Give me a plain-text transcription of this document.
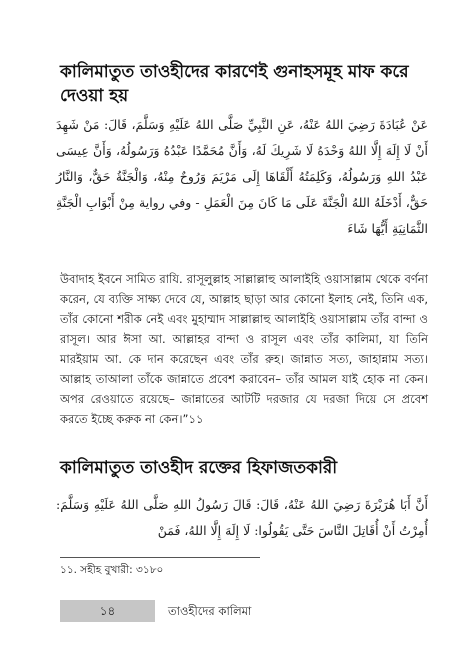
কালিমাতুত তাওহীদের কারণেই গুনাহসমূহ মাফ করে দেওয়া হয়
عَنْ عُبَادَةَ رَضِيَ اللهُ عَنْهُ، عَنِ النَّبِيِّ صَلَّى اللهُ عَلَيْهِ وَسَلَّمَ، قَالَ: مَنْ شَهِدَ أَنْ لَا إِلَهَ إِلَّا اللهُ وَحْدَهُ لَا شَرِيكَ لَهُ، وَأَنَّ مُحَمَّدًا عَبْدُهُ وَرَسُولُهُ، وَأَنَّ عِيسَى عَبْدُ اللهِ وَرَسُولُهُ، وَكَلِمَتُهُ أَلْقَاهَا إِلَى مَرْيَمَ وَرُوحٌ مِنْهُ، وَالْجَنَّةُ حَقٌّ، وَالنَّارُ حَقٌّ، أَدْخَلَهُ اللهُ الْجَنَّةَ عَلَى مَا كَانَ مِنَ الْعَمَلِ - وفي رواية مِنْ أَبْوَابِ الْجَنَّةِ الثَّمَانِيَةِ أَيُّهَا شَاءَ
উবাদাহ ইবনে সামিত রাযি. রাসূলুল্লাহ সাল্লাল্লাহু আলাইহি ওয়াসাল্লাম থেকে বর্ণনা করেন, যে ব্যক্তি সাক্ষ্য দেবে যে, আল্লাহ ছাড়া আর কোনো ইলাহ নেই, তিনি এক, তাঁর কোনো শরীক নেই এবং মুহাম্মাদ সাল্লাল্লাহু আলাইহি ওয়াসাল্লাম তাঁর বান্দা ও রাসূল। আর ঈসা আ. আল্লাহর বান্দা ও রাসূল এবং তাঁর কালিমা, যা তিনি মারইয়াম আ. কে দান করেছেন এবং তাঁর রুহ। জান্নাত সত্য, জাহান্নাম সত্য। আল্লাহ তাআলা তাঁকে জান্নাতে প্রবেশ করাবেন– তাঁর আমল যাই হোক না কেন। অপর রেওয়াতে রয়েছে– জান্নাতের আটটি দরজার যে দরজা দিয়ে সে প্রবেশ করতে ইচ্ছে করুক না কেন।”১১
কালিমাতুত তাওহীদ রক্তের হিফাজতকারী
أَنَّ أَبَا هُرَيْرَةَ رَضِيَ اللهُ عَنْهُ، قَالَ: قَالَ رَسُولُ اللهِ صَلَّى اللهُ عَلَيْهِ وَسَلَّمَ: أُمِرْتُ أَنْ أُقَاتِلَ النَّاسَ حَتَّى يَقُولُوا: لَا إِلَهَ إِلَّا اللهُ، فَمَنْ
১১. সহীহ বুখারী: ৩১৮০
১৪	তাওহীদের কালিমা
